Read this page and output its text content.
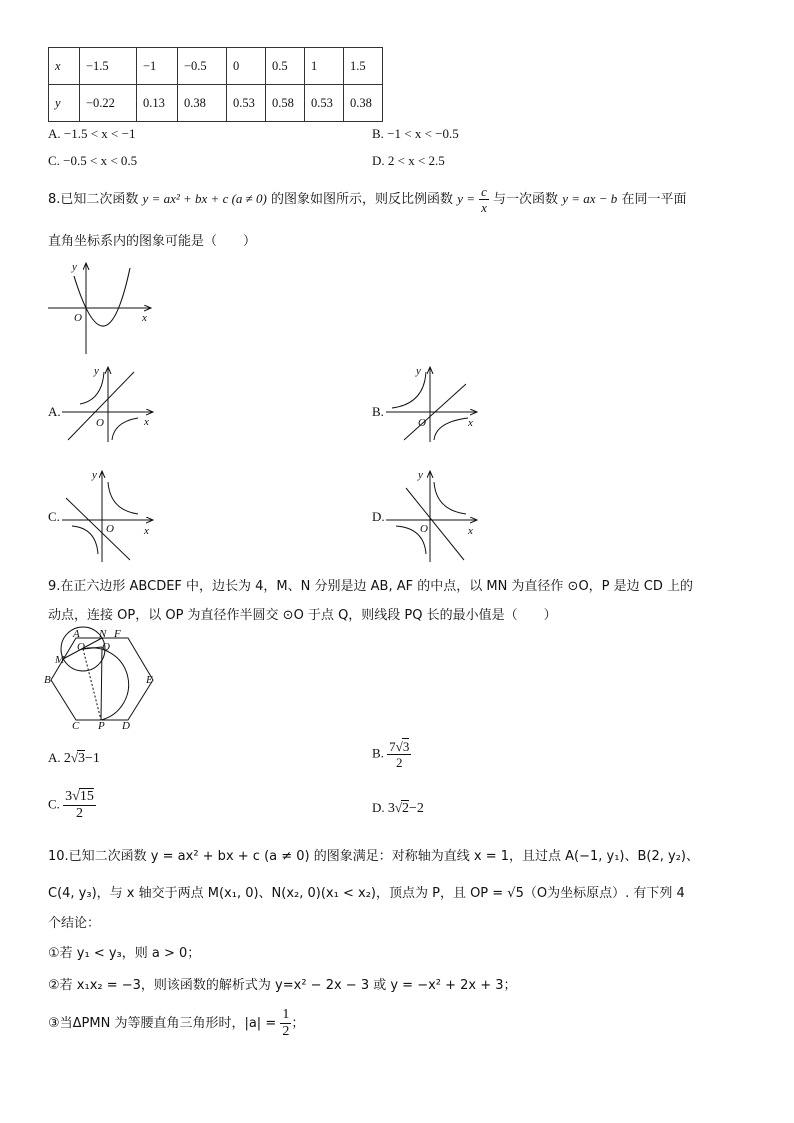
x	−1.5	−1	−0.5	0	0.5	1	1.5
y	−0.22	0.13	0.38	0.53	0.58	0.53	0.38
A. −1.5 < x < −1	B. −1 < x < −0.5
C. −0.5 < x < 0.5	D. 2 < x < 2.5
8.已知二次函数 y = ax² + bx + c (a ≠ 0) 的图象如图所示，则反比例函数 $y = \frac{c}{x}$ 与一次函数 y = ax − b 在同一平面
直角坐标系内的图象可能是（　　）
y
x
O
A.
y
x
O
B.
y
x
O
C.
y
x
O
D.
y
x
O
9.在正六边形 ABCDEF 中，边长为 4，M、N 分别是边 AB, AF 的中点，以 MN 为直径作 ⊙O，P 是边 CD 上的
动点，连接 OP，以 OP 为直径作半圆交 ⊙O 于点 Q，则线段 PQ 长的最小值是（　　）
A	F
N
M
O Q
B	E
C P D
A. 2√3−1	B. $\frac{7√3}{2}$
C. $\frac{3√15}{2}$	D. 3√2−2
10.已知二次函数 y = ax² + bx + c (a ≠ 0) 的图象满足：对称轴为直线 x = 1，且过点 A(−1, y₁)、B(2, y₂)、
C(4, y₃)，与 x 轴交于两点 M(x₁, 0)、N(x₂, 0)(x₁ < x₂)，顶点为 P，且 OP = √5（O为坐标原点）. 有下列 4
个结论：
①若 y₁ < y₃，则 a > 0；
②若 x₁x₂ = −3，则该函数的解析式为 y=x² − 2x − 3 或 y = −x² + 2x + 3；
③当ΔPMN 为等腰直角三角形时，$|a| = \frac{1}{2}$ ；
